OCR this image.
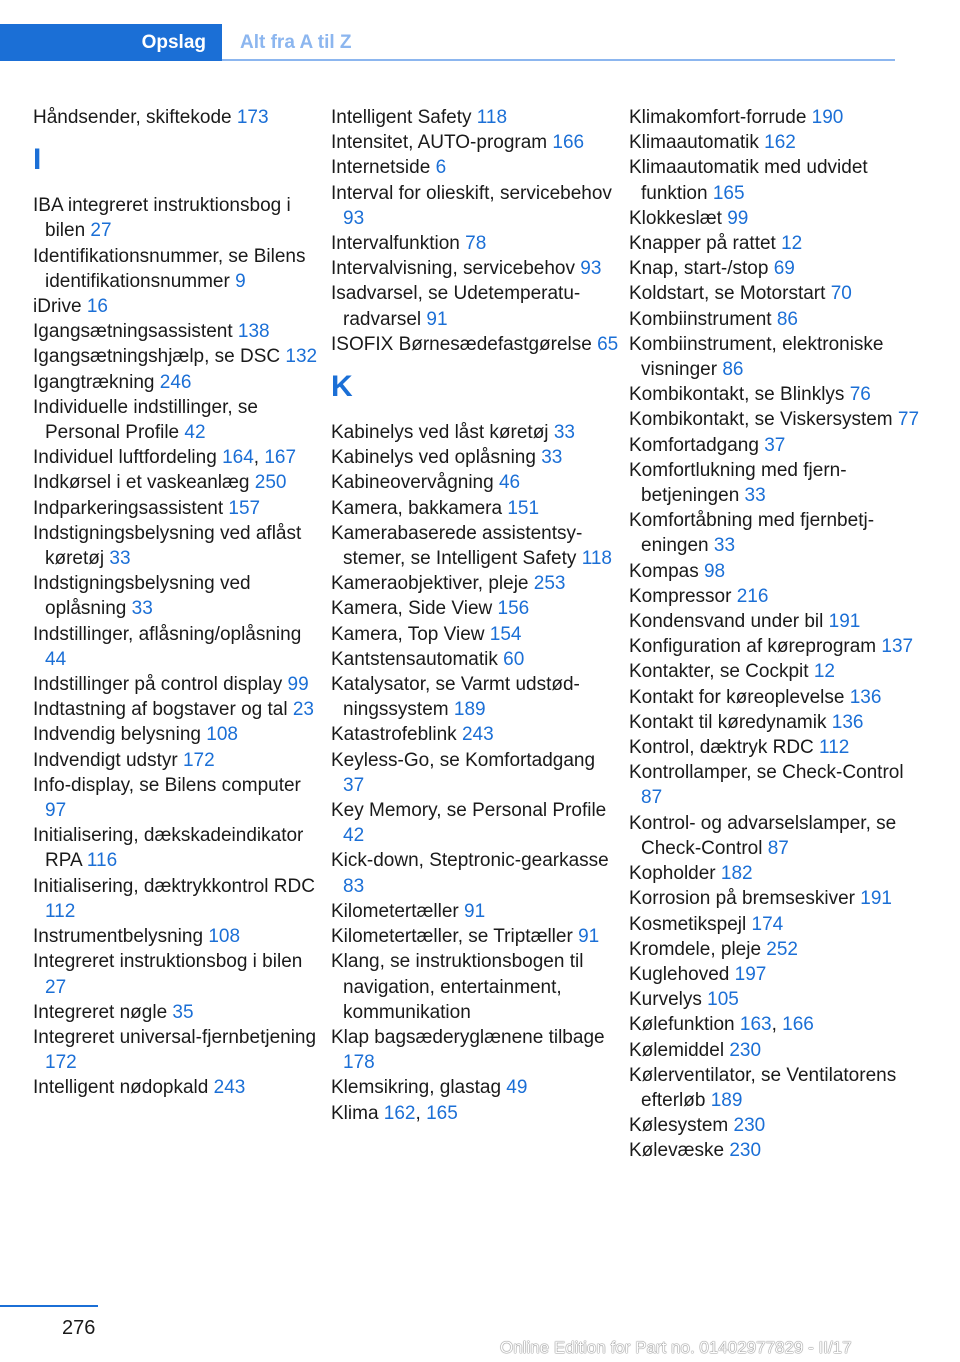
Opslag	Alt fra A til Z
Håndsender, skiftekode 173
I
IBA integreret instruktionsbog i bilen 27
Identifikationsnummer, se Bilens identifikationsnummer 9
iDrive 16
Igangsætningsassistent 138
Igangsætningshjælp, se DSC 132
Igangtrækning 246
Individuelle indstillinger, se Personal Profile 42
Individuel luftfordeling 164, 167
Indkørsel i et vaskeanlæg 250
Indparkeringsassistent 157
Indstigningsbelysning ved aflåst køretøj 33
Indstigningsbelysning ved oplåsning 33
Indstillinger, aflåsning/oplåsning 44
Indstillinger på control display 99
Indtastning af bogstaver og tal 23
Indvendig belysning 108
Indvendigt udstyr 172
Info-display, se Bilens computer 97
Initialisering, dækskadeindikator RPA 116
Initialisering, dæktrykkontrol RDC 112
Instrumentbelysning 108
Integreret instruktionsbog i bilen 27
Integreret nøgle 35
Integreret universal-fjernbetjening 172
Intelligent nødopkald 243
Intelligent Safety 118
Intensitet, AUTO-program 166
Internetside 6
Interval for olieskift, servicebehov 93
Intervalfunktion 78
Intervalvisning, servicebehov 93
Isadvarsel, se Udetemperaturadvarsel 91
ISOFIX Børnesædefastgørelse 65
K
Kabinelys ved låst køretøj 33
Kabinelys ved oplåsning 33
Kabineovervågning 46
Kamera, bakkamera 151
Kamerabaserede assistentsystemer, se Intelligent Safety 118
Kameraobjektiver, pleje 253
Kamera, Side View 156
Kamera, Top View 154
Kantstensautomatik 60
Katalysator, se Varmt udstødningssystem 189
Katastrofeblink 243
Keyless-Go, se Komfortadgang 37
Key Memory, se Personal Profile 42
Kick-down, Steptronic-gearkasse 83
Kilometertæller 91
Kilometertæller, se Triptæller 91
Klang, se instruktionsbogen til navigation, entertainment, kommunikation
Klap bagsæderyglænene tilbage 178
Klemsikring, glastag 49
Klima 162, 165
Klimakomfort-forrude 190
Klimaautomatik 162
Klimaautomatik med udvidet funktion 165
Klokkeslæt 99
Knapper på rattet 12
Knap, start-/stop 69
Koldstart, se Motorstart 70
Kombiinstrument 86
Kombiinstrument, elektroniske visninger 86
Kombikontakt, se Blinklys 76
Kombikontakt, se Viskersystem 77
Komfortadgang 37
Komfortlukning med fjernbetjeningen 33
Komfortåbning med fjernbetjeningen 33
Kompas 98
Kompressor 216
Kondensvand under bil 191
Konfiguration af køreprogram 137
Kontakter, se Cockpit 12
Kontakt for køreoplevelse 136
Kontakt til køredynamik 136
Kontrol, dæktryk RDC 112
Kontrollamper, se Check-Control 87
Kontrol- og advarselslamper, se Check-Control 87
Kopholder 182
Korrosion på bremseskiver 191
Kosmetikspejl 174
Kromdele, pleje 252
Kuglehoved 197
Kurvelys 105
Kølefunktion 163, 166
Kølemiddel 230
Kølerventilator, se Ventilatorens efterløb 189
Kølesystem 230
Kølevæske 230
276
Online Edition for Part no. 01402977829 - II/17
